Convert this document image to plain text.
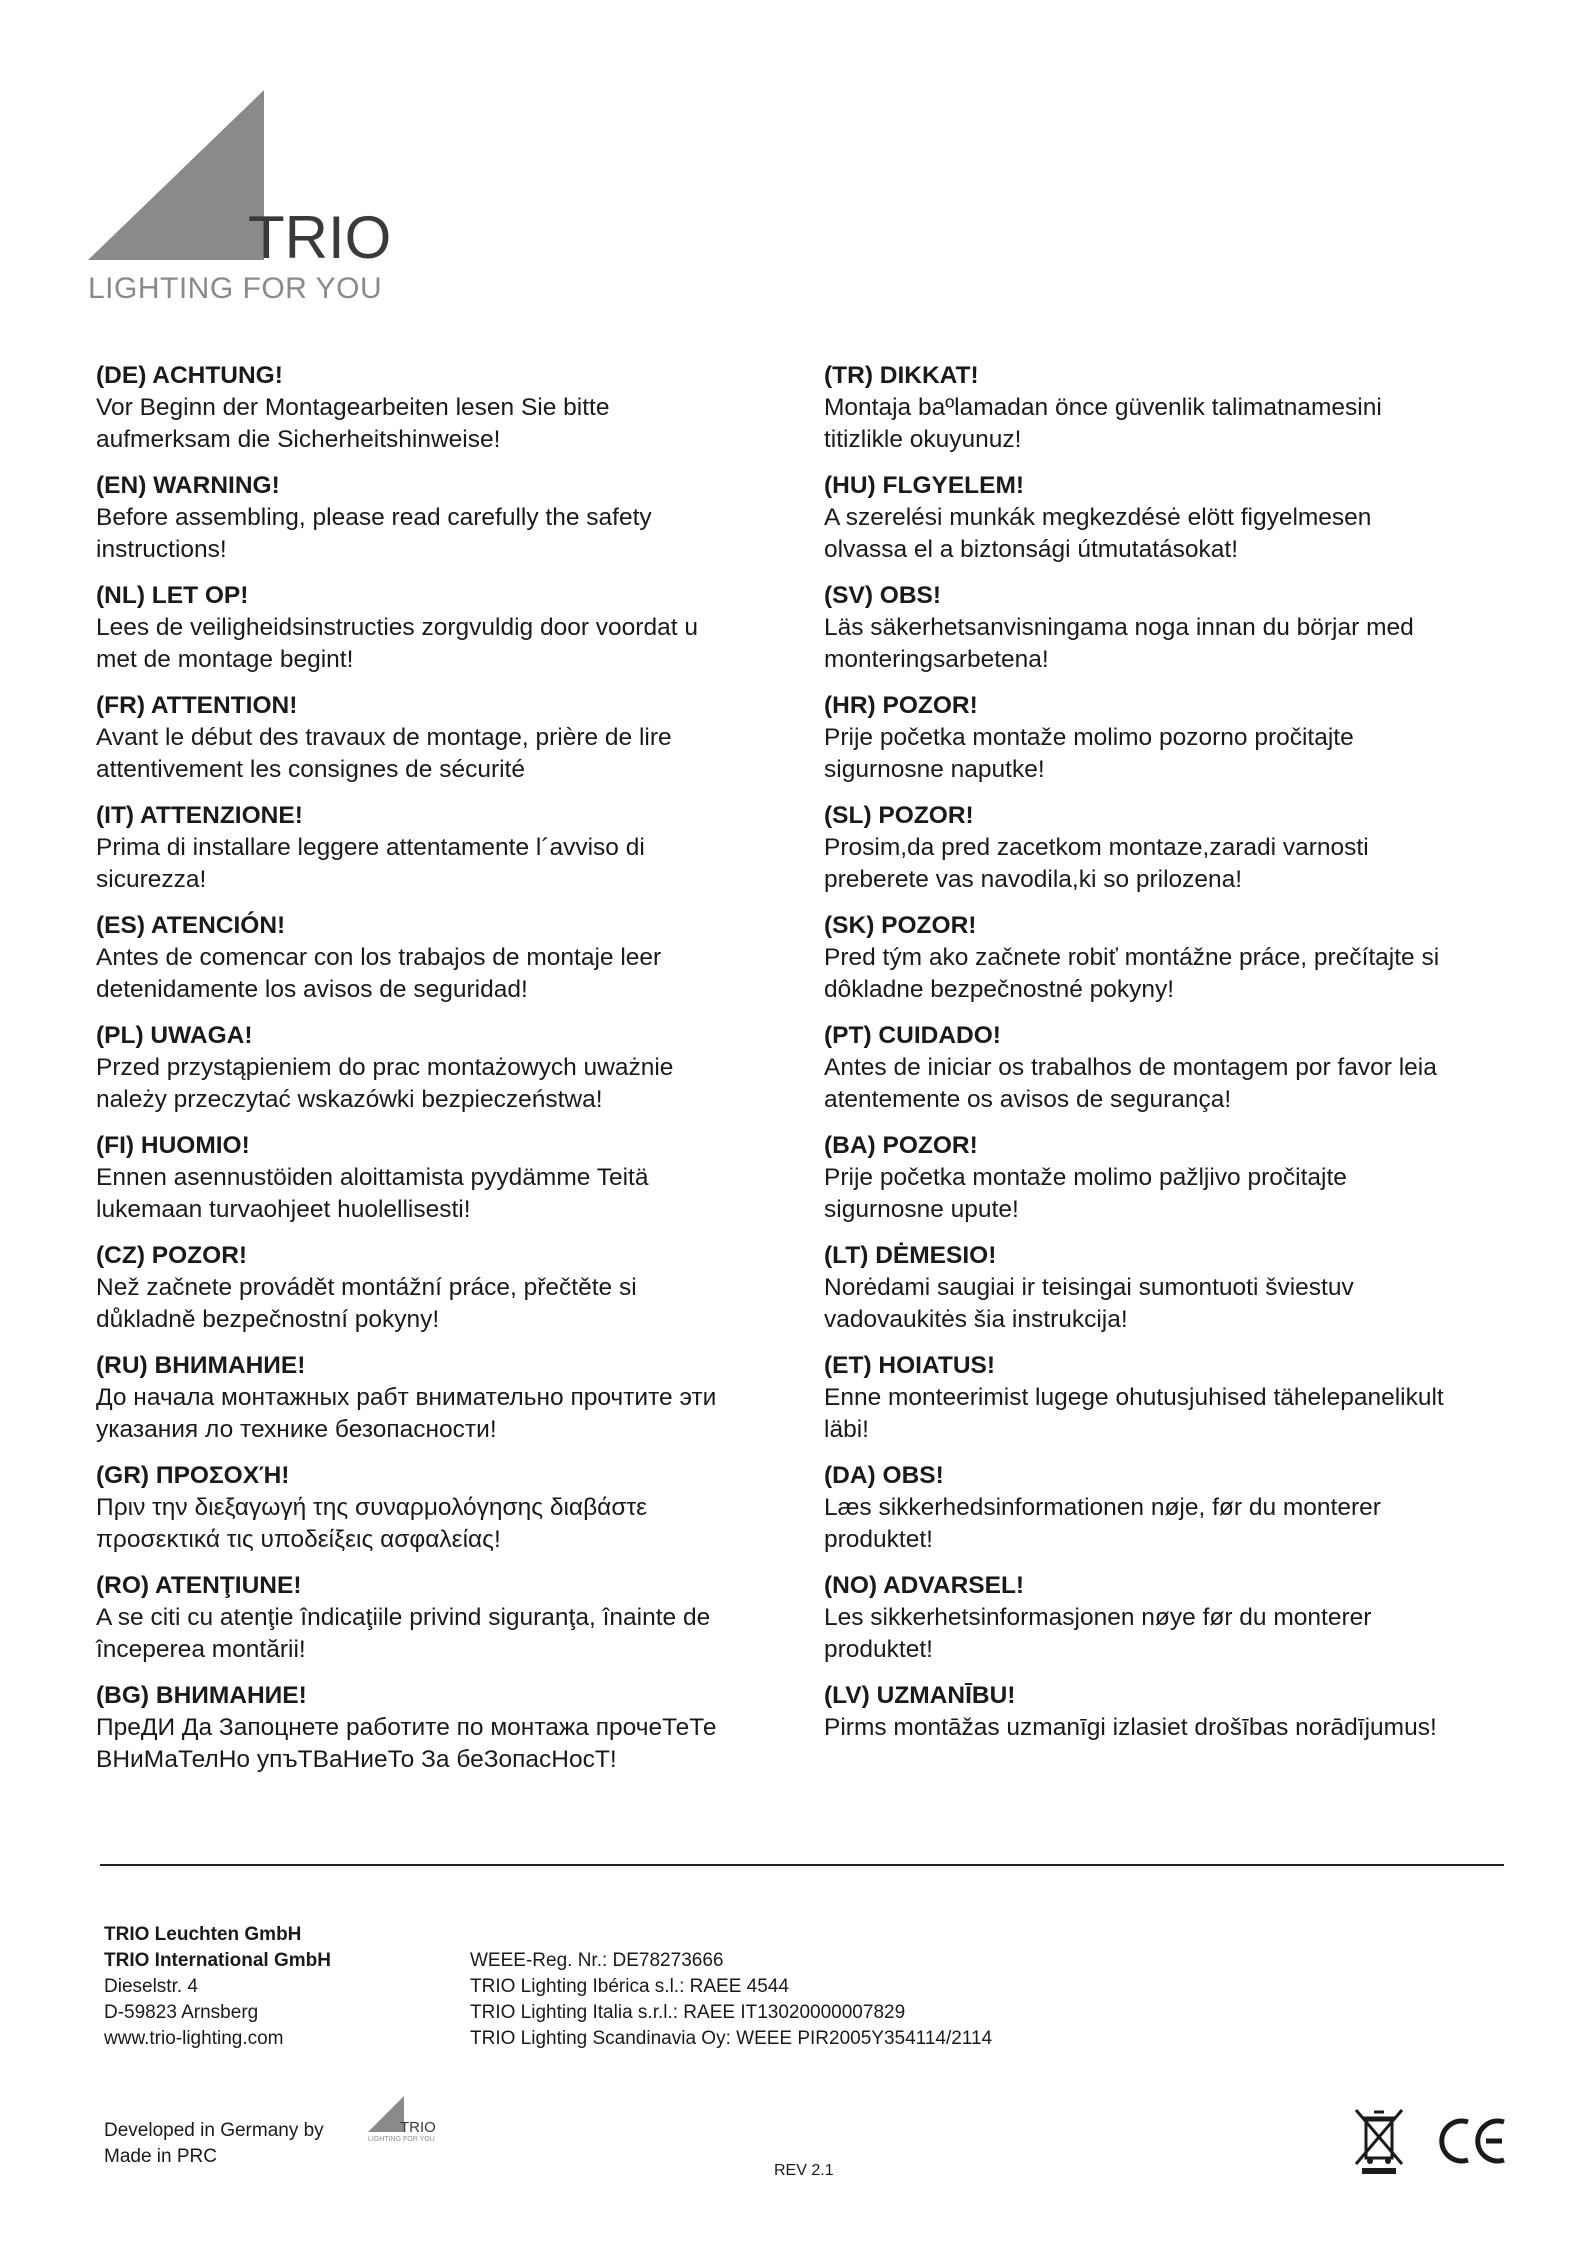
TRIO
LIGHTING FOR YOU
(DE) ACHTUNG!
Vor Beginn der Montagearbeiten lesen Sie bitte
aufmerksam die Sicherheitshinweise!
(EN) WARNING!
Before assembling, please read carefully the safety
instructions!
(NL) LET OP!
Lees de veiligheidsinstructies zorgvuldig door voordat u
met de montage begint!
(FR) ATTENTION!
Avant le début des travaux de montage, prière de lire
attentivement les consignes de sécurité
(IT) ATTENZIONE!
Prima di installare leggere attentamente l´avviso di
sicurezza!
(ES) ATENCIÓN!
Antes de comencar con los trabajos de montaje leer
detenidamente los avisos de seguridad!
(PL) UWAGA!
Przed przystąpieniem do prac montażowych uważnie
należy przeczytać wskazówki bezpieczeństwa!
(FI) HUOMIO!
Ennen asennustöiden aloittamista pyydämme Teitä
lukemaan turvaohjeet huolellisesti!
(CZ) POZOR!
Než začnete provádět montážní práce, přečtěte si
důkladně bezpečnostní pokyny!
(RU) ВНИМАНИЕ!
До начала монтажных рабт внимательно прочтите эти
указания ло технике безопасности!
(GR) ΠΡΟΣΟΧΉ!
Πριν την διεξαγωγή της συναρμολόγησης διαβάστε
προσεκτικά τις υποδείξεις ασφαλείας!
(RO) ATENŢIUNE!
A se citi cu atenţie îndicaţiile privind siguranţa, înainte de
începerea montării!
(BG) ВНИМАНИЕ!
ПреДИ Да Запоцнете работите по монтажа прочеТеТе
ВНиМаТелНо упъТВаНиеТо За беЗопасНосТ!
(TR) DIKKAT!
Montaja baºlamadan önce güvenlik talimatnamesini
titizlikle okuyunuz!
(HU) FLGYELEM!
A szerelési munkák megkezdésė elött figyelmesen
olvassa el a biztonsági útmutatásokat!
(SV) OBS!
Läs säkerhetsanvisningama noga innan du börjar med
monteringsarbetena!
(HR) POZOR!
Prije početka montaže molimo pozorno pročitajte
sigurnosne naputke!
(SL) POZOR!
Prosim,da pred zacetkom montaze,zaradi varnosti
preberete vas navodila,ki so prilozena!
(SK) POZOR!
Pred tým ako začnete robiť montážne práce, prečítajte si
dôkladne bezpečnostné pokyny!
(PT) CUIDADO!
Antes de iniciar os trabalhos de montagem por favor leia
atentemente os avisos de segurança!
(BA) POZOR!
Prije početka montaže molimo pažljivo pročitajte
sigurnosne upute!
(LT) DĖMESIO!
Norėdami saugiai ir teisingai sumontuoti šviestuv
vadovaukitės šia instrukcija!
(ET) HOIATUS!
Enne monteerimist lugege ohutusjuhised tähelepanelikult
läbi!
(DA) OBS!
Læs sikkerhedsinformationen nøje, før du monterer
produktet!
(NO) ADVARSEL!
Les sikkerhetsinformasjonen nøye før du monterer
produktet!
(LV) UZMANĪBU!
Pirms montāžas uzmanīgi izlasiet drošības norādījumus!
TRIO Leuchten GmbH
TRIO International GmbH
Dieselstr. 4
D-59823 Arnsberg
www.trio-lighting.com
WEEE-Reg. Nr.: DE78273666
TRIO Lighting Ibérica s.l.: RAEE 4544
TRIO Lighting Italia s.r.l.: RAEE IT13020000007829
TRIO Lighting Scandinavia Oy: WEEE PIR2005Y354114/2114
Developed in Germany by
Made in PRC
TRIO
LIGHTING FOR YOU
REV 2.1
